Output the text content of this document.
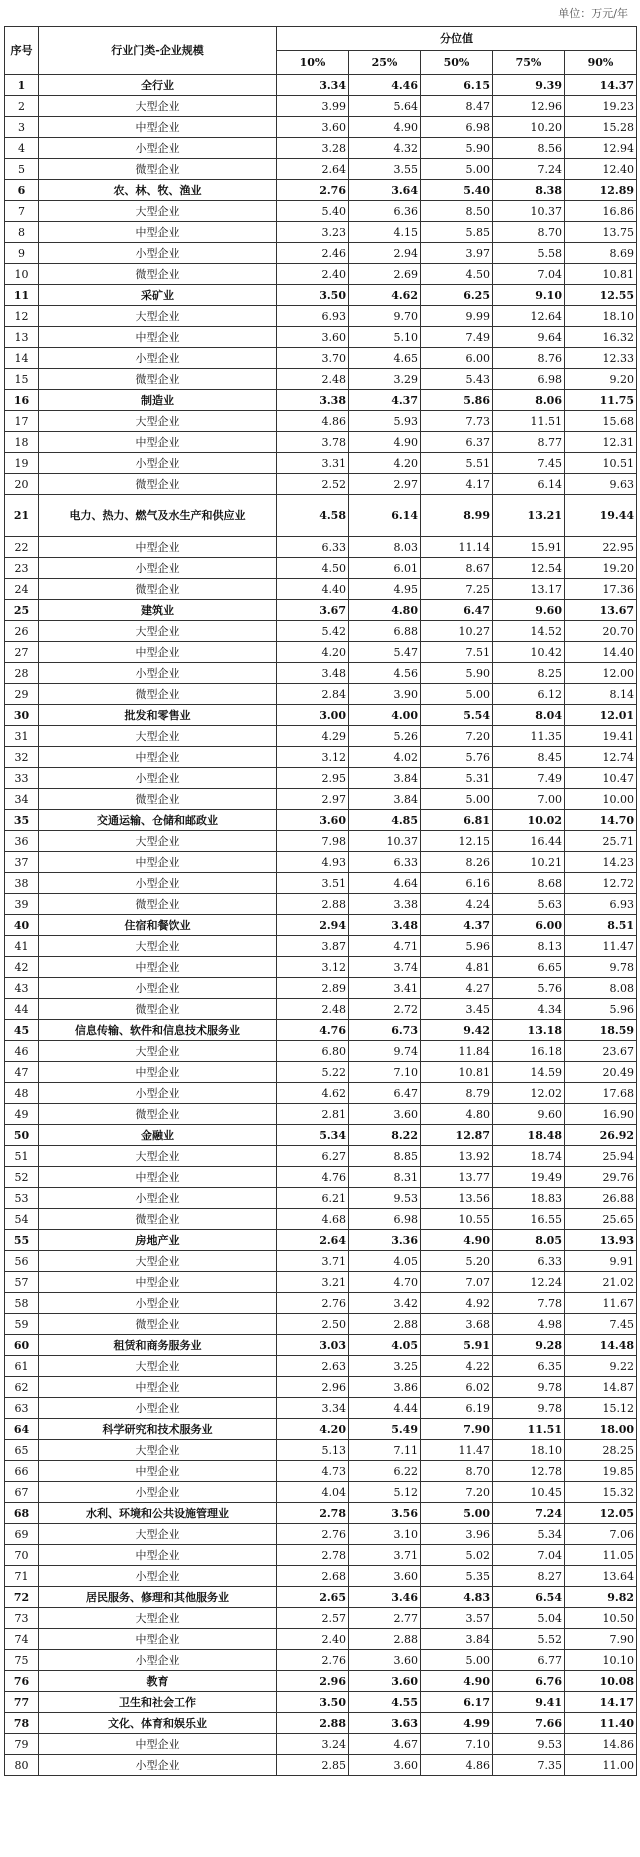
单位：万元/年
序号	行业门类-企业规模	分位值				
		10%	25%	50%	75%	90%
1	全行业	3.34	4.46	6.15	9.39	14.37
2	大型企业	3.99	5.64	8.47	12.96	19.23
3	中型企业	3.60	4.90	6.98	10.20	15.28
4	小型企业	3.28	4.32	5.90	8.56	12.94
5	微型企业	2.64	3.55	5.00	7.24	12.40
6	农、林、牧、渔业	2.76	3.64	5.40	8.38	12.89
7	大型企业	5.40	6.36	8.50	10.37	16.86
8	中型企业	3.23	4.15	5.85	8.70	13.75
9	小型企业	2.46	2.94	3.97	5.58	8.69
10	微型企业	2.40	2.69	4.50	7.04	10.81
11	采矿业	3.50	4.62	6.25	9.10	12.55
12	大型企业	6.93	9.70	9.99	12.64	18.10
13	中型企业	3.60	5.10	7.49	9.64	16.32
14	小型企业	3.70	4.65	6.00	8.76	12.33
15	微型企业	2.48	3.29	5.43	6.98	9.20
16	制造业	3.38	4.37	5.86	8.06	11.75
17	大型企业	4.86	5.93	7.73	11.51	15.68
18	中型企业	3.78	4.90	6.37	8.77	12.31
19	小型企业	3.31	4.20	5.51	7.45	10.51
20	微型企业	2.52	2.97	4.17	6.14	9.63
21	电力、热力、燃气及水生产和供应业	4.58	6.14	8.99	13.21	19.44
22	中型企业	6.33	8.03	11.14	15.91	22.95
23	小型企业	4.50	6.01	8.67	12.54	19.20
24	微型企业	4.40	4.95	7.25	13.17	17.36
25	建筑业	3.67	4.80	6.47	9.60	13.67
26	大型企业	5.42	6.88	10.27	14.52	20.70
27	中型企业	4.20	5.47	7.51	10.42	14.40
28	小型企业	3.48	4.56	5.90	8.25	12.00
29	微型企业	2.84	3.90	5.00	6.12	8.14
30	批发和零售业	3.00	4.00	5.54	8.04	12.01
31	大型企业	4.29	5.26	7.20	11.35	19.41
32	中型企业	3.12	4.02	5.76	8.45	12.74
33	小型企业	2.95	3.84	5.31	7.49	10.47
34	微型企业	2.97	3.84	5.00	7.00	10.00
35	交通运输、仓储和邮政业	3.60	4.85	6.81	10.02	14.70
36	大型企业	7.98	10.37	12.15	16.44	25.71
37	中型企业	4.93	6.33	8.26	10.21	14.23
38	小型企业	3.51	4.64	6.16	8.68	12.72
39	微型企业	2.88	3.38	4.24	5.63	6.93
40	住宿和餐饮业	2.94	3.48	4.37	6.00	8.51
41	大型企业	3.87	4.71	5.96	8.13	11.47
42	中型企业	3.12	3.74	4.81	6.65	9.78
43	小型企业	2.89	3.41	4.27	5.76	8.08
44	微型企业	2.48	2.72	3.45	4.34	5.96
45	信息传输、软件和信息技术服务业	4.76	6.73	9.42	13.18	18.59
46	大型企业	6.80	9.74	11.84	16.18	23.67
47	中型企业	5.22	7.10	10.81	14.59	20.49
48	小型企业	4.62	6.47	8.79	12.02	17.68
49	微型企业	2.81	3.60	4.80	9.60	16.90
50	金融业	5.34	8.22	12.87	18.48	26.92
51	大型企业	6.27	8.85	13.92	18.74	25.94
52	中型企业	4.76	8.31	13.77	19.49	29.76
53	小型企业	6.21	9.53	13.56	18.83	26.88
54	微型企业	4.68	6.98	10.55	16.55	25.65
55	房地产业	2.64	3.36	4.90	8.05	13.93
56	大型企业	3.71	4.05	5.20	6.33	9.91
57	中型企业	3.21	4.70	7.07	12.24	21.02
58	小型企业	2.76	3.42	4.92	7.78	11.67
59	微型企业	2.50	2.88	3.68	4.98	7.45
60	租赁和商务服务业	3.03	4.05	5.91	9.28	14.48
61	大型企业	2.63	3.25	4.22	6.35	9.22
62	中型企业	2.96	3.86	6.02	9.78	14.87
63	小型企业	3.34	4.44	6.19	9.78	15.12
64	科学研究和技术服务业	4.20	5.49	7.90	11.51	18.00
65	大型企业	5.13	7.11	11.47	18.10	28.25
66	中型企业	4.73	6.22	8.70	12.78	19.85
67	小型企业	4.04	5.12	7.20	10.45	15.32
68	水利、环境和公共设施管理业	2.78	3.56	5.00	7.24	12.05
69	大型企业	2.76	3.10	3.96	5.34	7.06
70	中型企业	2.78	3.71	5.02	7.04	11.05
71	小型企业	2.68	3.60	5.35	8.27	13.64
72	居民服务、修理和其他服务业	2.65	3.46	4.83	6.54	9.82
73	大型企业	2.57	2.77	3.57	5.04	10.50
74	中型企业	2.40	2.88	3.84	5.52	7.90
75	小型企业	2.76	3.60	5.00	6.77	10.10
76	教育	2.96	3.60	4.90	6.76	10.08
77	卫生和社会工作	3.50	4.55	6.17	9.41	14.17
78	文化、体育和娱乐业	2.88	3.63	4.99	7.66	11.40
79	中型企业	3.24	4.67	7.10	9.53	14.86
80	小型企业	2.85	3.60	4.86	7.35	11.00
